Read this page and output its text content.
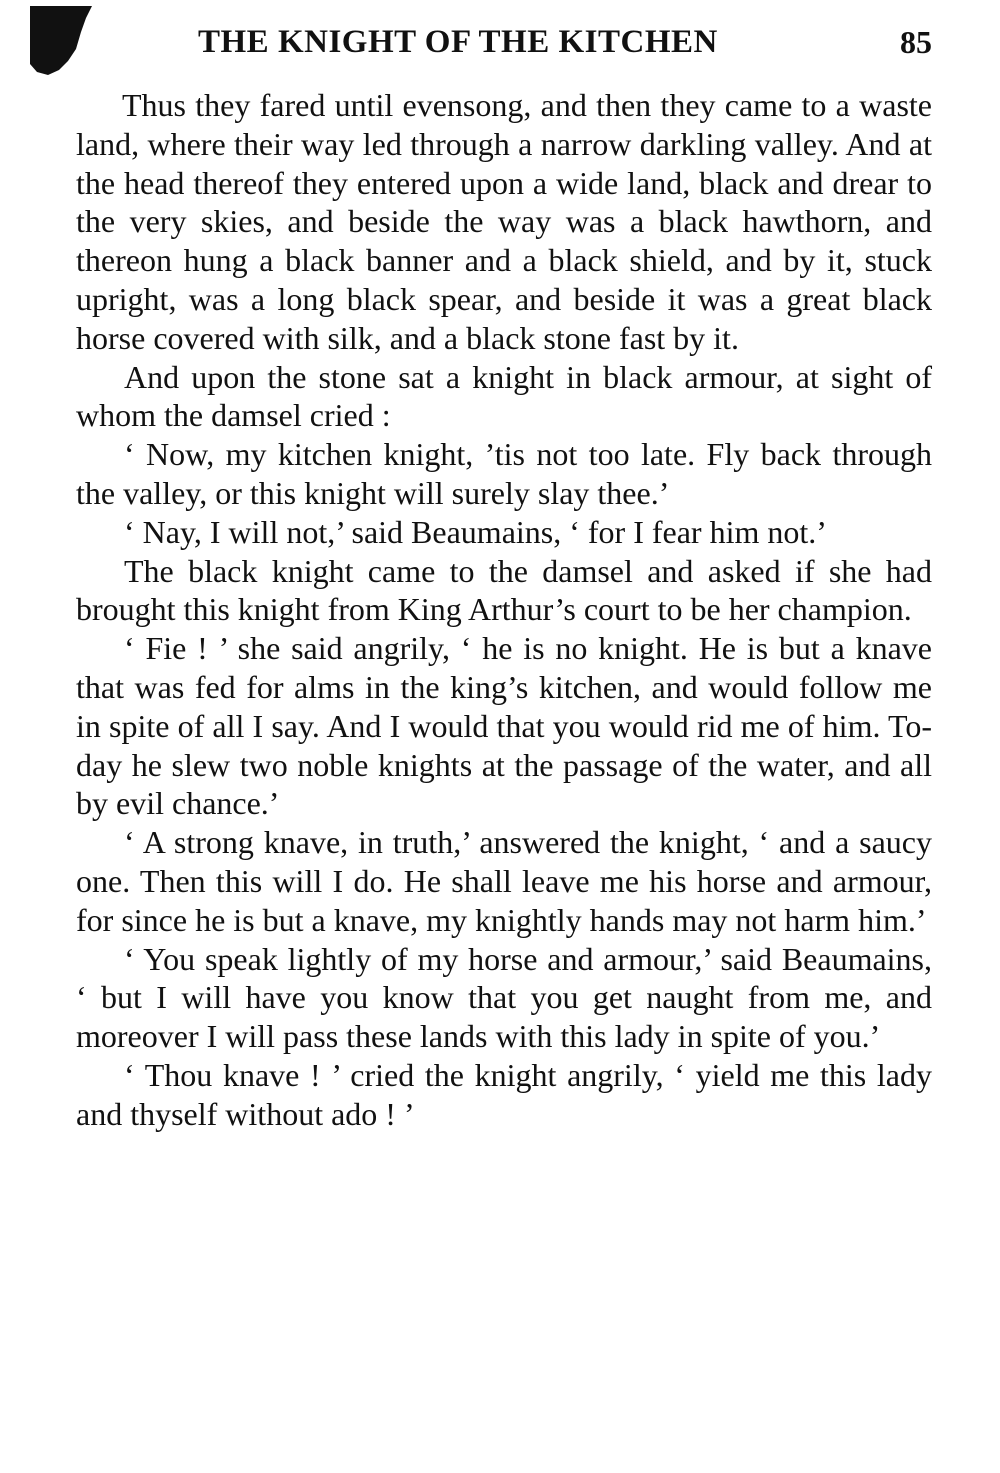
THE KNIGHT OF THE KITCHEN	85

Thus they fared until evensong, and then they came to a waste land, where their way led through a narrow darkling valley. And at the head thereof they entered upon a wide land, black and drear to the very skies, and beside the way was a black hawthorn, and thereon hung a black banner and a black shield, and by it, stuck upright, was a long black spear, and beside it was a great black horse covered with silk, and a black stone fast by it.

And upon the stone sat a knight in black armour, at sight of whom the damsel cried :

‘ Now, my kitchen knight, ’tis not too late. Fly back through the valley, or this knight will surely slay thee.’

‘ Nay, I will not,’ said Beaumains, ‘ for I fear him not.’

The black knight came to the damsel and asked if she had brought this knight from King Arthur’s court to be her champion.

‘ Fie ! ’ she said angrily, ‘ he is no knight. He is but a knave that was fed for alms in the king’s kitchen, and would follow me in spite of all I say. And I would that you would rid me of him. To-day he slew two noble knights at the passage of the water, and all by evil chance.’

‘ A strong knave, in truth,’ answered the knight, ‘ and a saucy one. Then this will I do. He shall leave me his horse and armour, for since he is but a knave, my knightly hands may not harm him.’

‘ You speak lightly of my horse and armour,’ said Beaumains, ‘ but I will have you know that you get naught from me, and moreover I will pass these lands with this lady in spite of you.’

‘ Thou knave ! ’ cried the knight angrily, ‘ yield me this lady and thyself without ado ! ’
